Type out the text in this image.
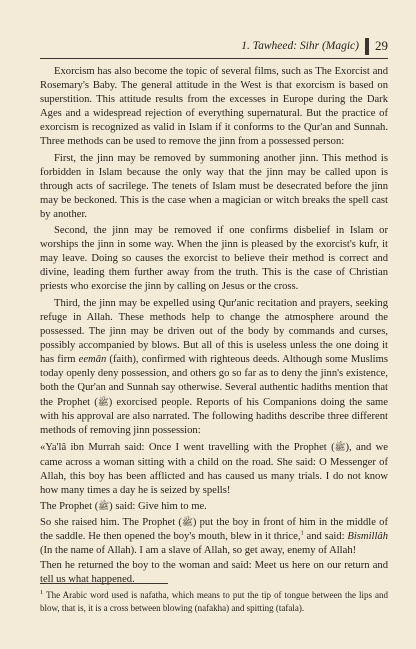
1. Tawheed: Sihr (Magic) 29

Exorcism has also become the topic of several films, such as The Exorcist and Rosemary's Baby. The general attitude in the West is that exorcism is based on superstition. This attitude results from the excesses in Europe during the Dark Ages and a widespread rejection of everything supernatural. But the practice of exorcism is recognized as valid in Islam if it conforms to the Qur'an and Sunnah. Three methods can be used to remove the jinn from a possessed person:

First, the jinn may be removed by summoning another jinn. This method is forbidden in Islam because the only way that the jinn may be called upon is through acts of sacrilege. The tenets of Islam must be desecrated before the jinn may be beckoned. This is the case when a magician or witch breaks the spell cast by another.

Second, the jinn may be removed if one confirms disbelief in Islam or worships the jinn in some way. When the jinn is pleased by the exorcist's kufr, it may leave. Doing so causes the exorcist to believe their method is correct and divine, leading them further away from the truth. This is the case of Christian priests who exorcise the jinn by calling on Jesus or the cross.

Third, the jinn may be expelled using Qur'anic recitation and prayers, seeking refuge in Allah. These methods help to change the atmosphere around the possessed. The jinn may be driven out of the body by commands and curses, possibly accompanied by blows. But all of this is useless unless the one doing it has firm eemān (faith), confirmed with righteous deeds. Although some Muslims today openly deny possession, and others go so far as to deny the jinn's existence, both the Qur'an and Sunnah say otherwise. Several authentic hadiths mention that the Prophet (ﷺ) exorcised people. Reports of his Companions doing the same with his approval are also narrated. The following hadiths describe three different methods of removing jinn possession:

«Ya'lâ ibn Murrah said: Once I went travelling with the Prophet (ﷺ), and we came across a woman sitting with a child on the road. She said: O Messenger of Allah, this boy has been afflicted and has caused us many trials. I do not know how many times a day he is seized by spells!

The Prophet (ﷺ) said: Give him to me.

So she raised him. The Prophet (ﷺ) put the boy in front of him in the middle of the saddle. He then opened the boy's mouth, blew in it thrice,$^1$ and said: Bismillâh (In the name of Allah). I am a slave of Allah, so get away, enemy of Allah!

Then he returned the boy to the woman and said: Meet us here on our return and tell us what happened.

$^1$ The Arabic word used is nafatha, which means to put the tip of tongue between the lips and blow, that is, it is a cross between blowing (nafakha) and spitting (tafala).
